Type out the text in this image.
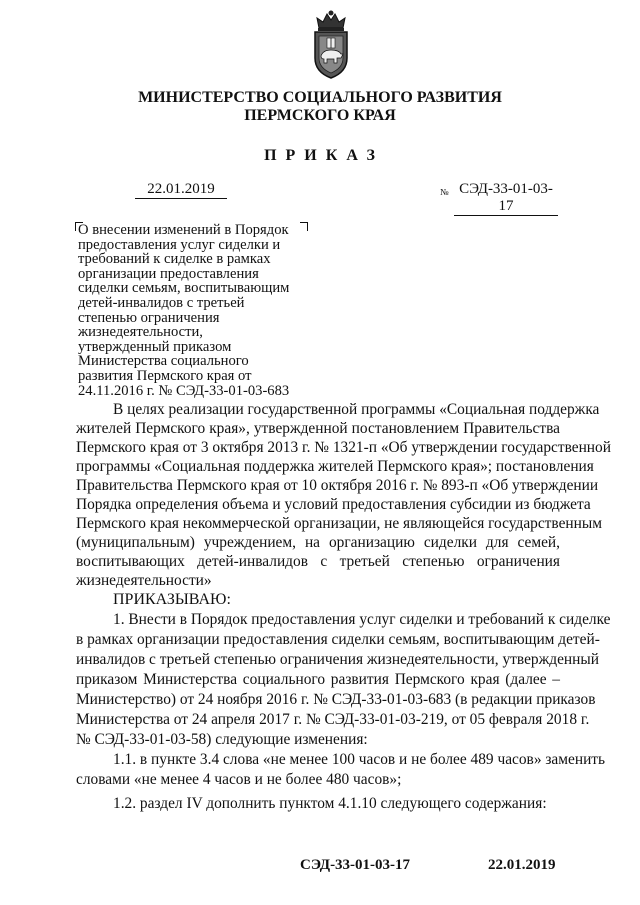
МИНИСТЕРСТВО СОЦИАЛЬНОГО РАЗВИТИЯ
ПЕРМСКОГО КРАЯ
ПРИКАЗ
22.01.2019	№ СЭД-33-01-03-17
О внесении изменений в Порядок
предоставления услуг сиделки и
требований к сиделке в рамках
организации предоставления
сиделки семьям, воспитывающим
детей-инвалидов с третьей
степенью ограничения
жизнедеятельности,
утвержденный приказом
Министерства социального
развития Пермского края от
24.11.2016 г. № СЭД-33-01-03-683
В целях реализации государственной программы «Социальная поддержка
жителей Пермского края», утвержденной постановлением Правительства
Пермского края от 3 октября 2013 г. № 1321-п «Об утверждении государственной
программы «Социальная поддержка жителей Пермского края»; постановления
Правительства Пермского края от 10 октября 2016 г. № 893-п «Об утверждении
Порядка определения объема и условий предоставления субсидии из бюджета
Пермского края некоммерческой организации, не являющейся государственным
(муниципальным) учреждением, на организацию сиделки для семей,
воспитывающих детей-инвалидов с третьей степенью ограничения
жизнедеятельности»
ПРИКАЗЫВАЮ:
1. Внести в Порядок предоставления услуг сиделки и требований к сиделке
в рамках организации предоставления сиделки семьям, воспитывающим детей-
инвалидов с третьей степенью ограничения жизнедеятельности, утвержденный
приказом Министерства социального развития Пермского края (далее –
Министерство) от 24 ноября 2016 г. № СЭД-33-01-03-683 (в редакции приказов
Министерства от 24 апреля 2017 г. № СЭД-33-01-03-219, от 05 февраля 2018 г.
№ СЭД-33-01-03-58) следующие изменения:
1.1. в пункте 3.4 слова «не менее 100 часов и не более 489 часов» заменить
словами «не менее 4 часов и не более 480 часов»;
1.2. раздел IV дополнить пунктом 4.1.10 следующего содержания:
СЭД-33-01-03-17	22.01.2019
